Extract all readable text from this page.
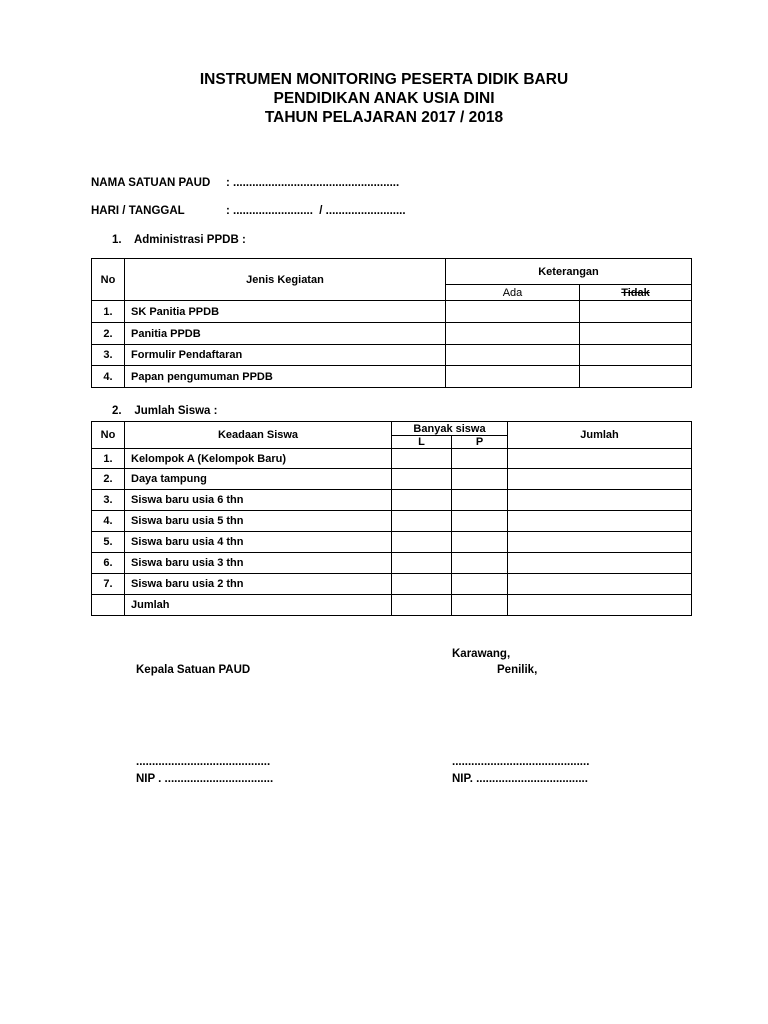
INSTRUMEN MONITORING PESERTA DIDIK BARU
PENDIDIKAN ANAK USIA DINI
TAHUN PELAJARAN 2017 / 2018
NAMA SATUAN PAUD : ....................................................
HARI / TANGGAL	: .........................  / .........................
1.    Administrasi PPDB :
No	Jenis Kegiatan	Keterangan	
		Ada	Tidak
1.	SK Panitia PPDB		
2.	Panitia PPDB		
3.	Formulir Pendaftaran		
4.	Papan pengumuman PPDB		
2.    Jumlah Siswa :
No	Keadaan Siswa	Banyak siswa		Jumlah
		L	P	
1.	Kelompok A (Kelompok Baru)			
2.	Daya tampung			
3.	Siswa baru usia 6 thn			
4.	Siswa baru usia 5 thn			
5.	Siswa baru usia 4 thn			
6.	Siswa baru usia 3 thn			
7.	Siswa baru usia 2 thn			
	Jumlah			
Karawang,
Kepala Satuan PAUD	Penilik,
..........................................
NIP . ..................................
...........................................
NIP. ...................................
